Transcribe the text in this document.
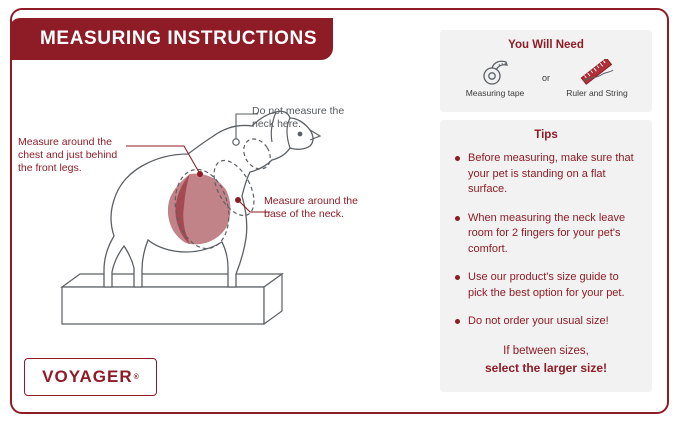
MEASURING INSTRUCTIONS
Measure around the chest and just behind the front legs.
Do not measure the neck here.
Measure around the base of the neck.
VOYAGER ®
You Will Need
Measuring tape
or
Ruler and String
Tips
Before measuring, make sure that your pet is standing on a flat surface.
When measuring the neck leave room for 2 fingers for your pet's comfort.
Use our product's size guide to pick the best option for your pet.
Do not order your usual size!
If between sizes,
select the larger size!
